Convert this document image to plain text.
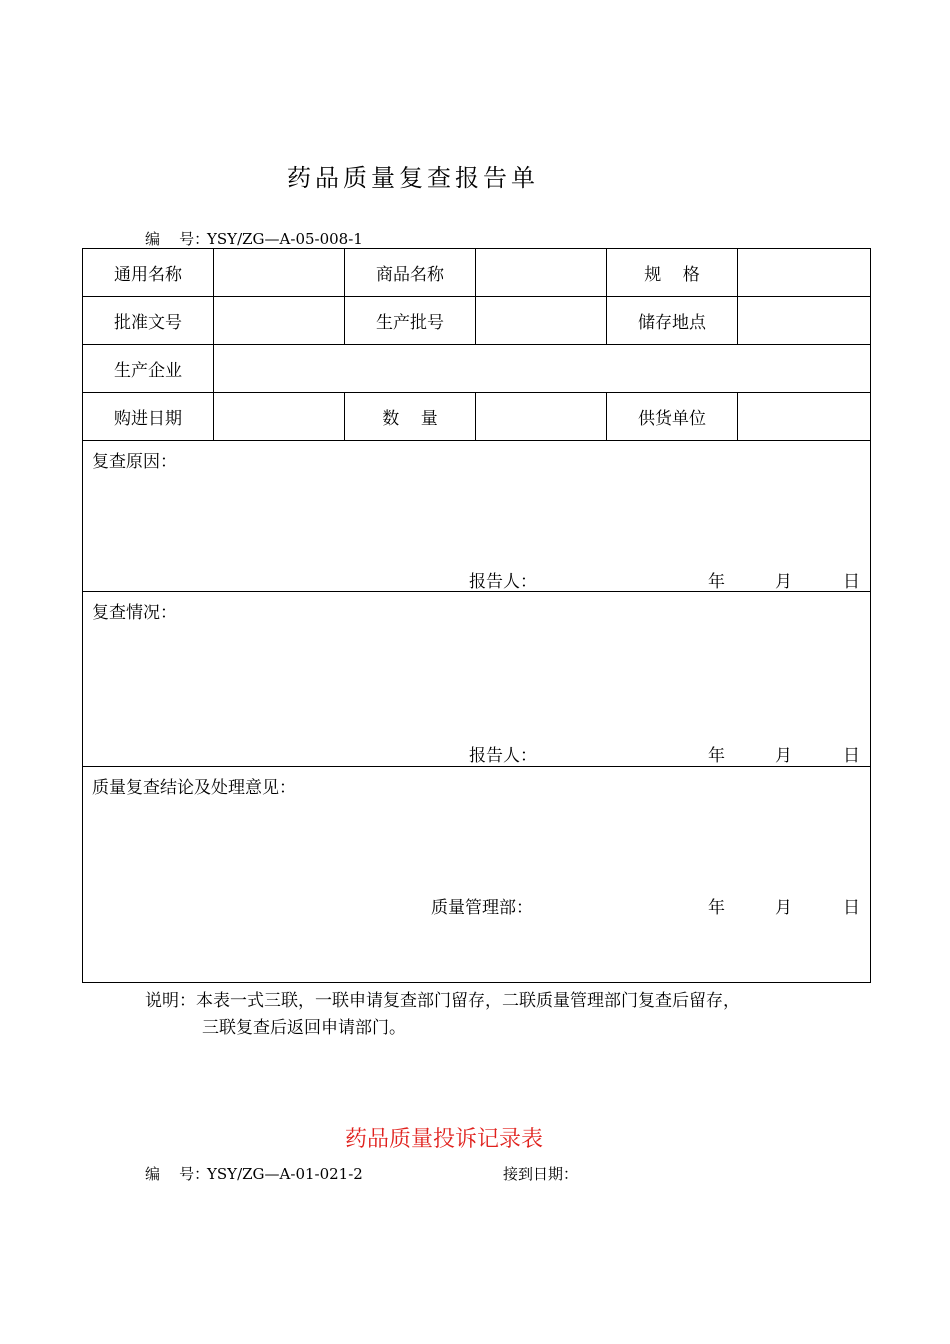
药品质量复查报告单
编    号：YSY/ZG—A-05-008-1
通用名称		商品名称		规    格	
批准文号		生产批号		储存地点	
生产企业					
购进日期		数    量		供货单位	

复查原因：
报告人： 年 月 日					

复查情况：
报告人： 年 月 日					

质量复查结论及处理意见：
质量管理部： 年 月 日					
说明：本表一式三联，一联申请复查部门留存，二联质量管理部门复查后留存，
三联复查后返回申请部门。
药品质量投诉记录表
编    号：YSY/ZG—A-01-021-2	接到日期：
